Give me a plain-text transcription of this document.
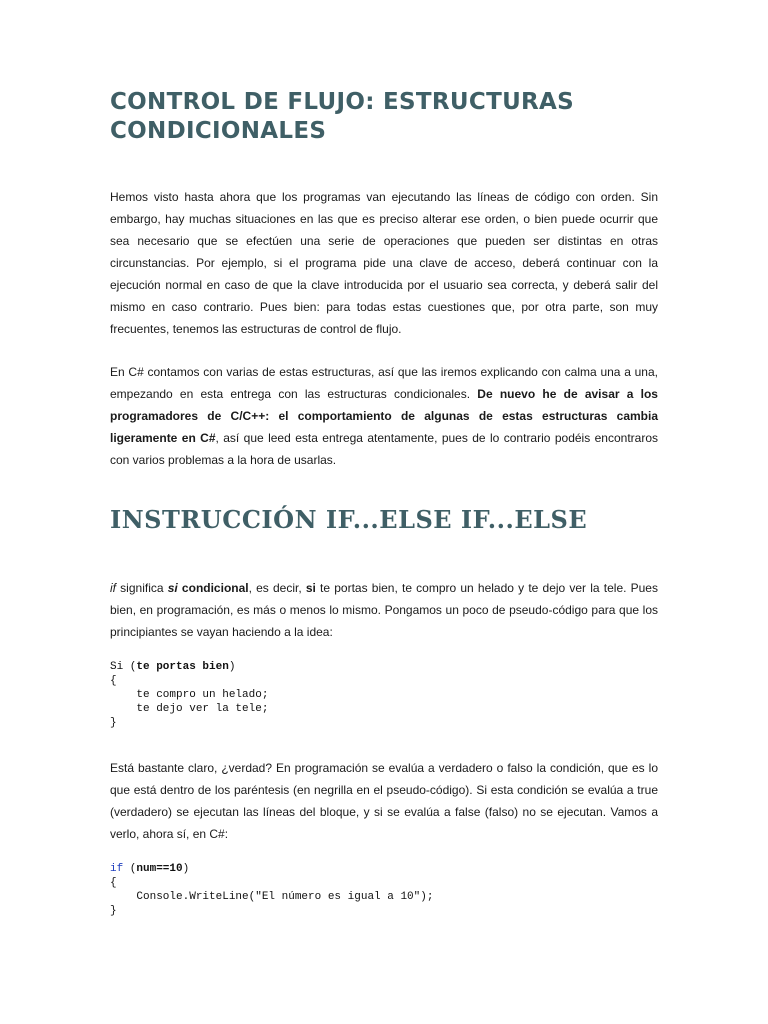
CONTROL DE FLUJO: ESTRUCTURAS CONDICIONALES

Hemos visto hasta ahora que los programas van ejecutando las líneas de código con orden. Sin embargo, hay muchas situaciones en las que es preciso alterar ese orden, o bien puede ocurrir que sea necesario que se efectúen una serie de operaciones que pueden ser distintas en otras circunstancias. Por ejemplo, si el programa pide una clave de acceso, deberá continuar con la ejecución normal en caso de que la clave introducida por el usuario sea correcta, y deberá salir del mismo en caso contrario. Pues bien: para todas estas cuestiones que, por otra parte, son muy frecuentes, tenemos las estructuras de control de flujo.

En C# contamos con varias de estas estructuras, así que las iremos explicando con calma una a una, empezando en esta entrega con las estructuras condicionales. De nuevo he de avisar a los programadores de C/C++: el comportamiento de algunas de estas estructuras cambia ligeramente en C#, así que leed esta entrega atentamente, pues de lo contrario podéis encontraros con varios problemas a la hora de usarlas.

INSTRUCCIÓN IF...ELSE IF...ELSE

if significa si condicional, es decir, si te portas bien, te compro un helado y te dejo ver la tele. Pues bien, en programación, es más o menos lo mismo. Pongamos un poco de pseudo-código para que los principiantes se vayan haciendo a la idea:

Si (te portas bien)
{
te compro un helado;
te dejo ver la tele;
}

Está bastante claro, ¿verdad? En programación se evalúa a verdadero o falso la condición, que es lo que está dentro de los paréntesis (en negrilla en el pseudo-código). Si esta condición se evalúa a true (verdadero) se ejecutan las líneas del bloque, y si se evalúa a false (falso) no se ejecutan. Vamos a verlo, ahora sí, en C#:

if (num==10)
{
Console.WriteLine("El número es igual a 10");
}
